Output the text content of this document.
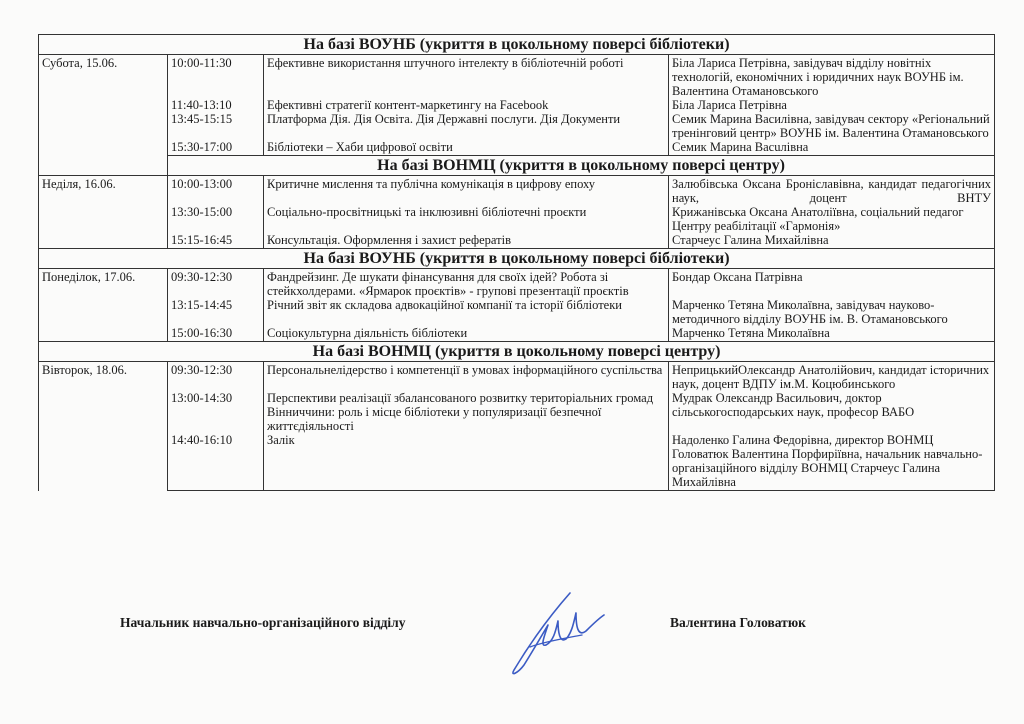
На базі ВОУНБ (укриття в цокольному поверсі бібліотеки)			
Субота, 15.06.	10:00-11:30	Ефективне використання штучного інтелекту в бібліотечній роботі	Біла Лариса Петрівна, завідувач відділу новітніх технологій, економічних і юридичних наук ВОУНБ ім. Валентина Отамановського
	11:40-13:10	Ефективні стратегії контент-маркетингу на Facebook	Біла Лариса Петрівна
	13:45-15:15	Платформа Дія. Дія Освіта. Дія Державні послуги. Дія Документи	Семик Марина Василівна, завідувач сектору «Регіональний тренінговий центр» ВОУНБ ім. Валентина Отамановського
	15:30-17:00	Бібліотеки – Хаби цифрової освіти	Семик Марина Васuлівна
	На базі ВОНМЦ (укриття в цокольному поверсі центру)		
Неділя, 16.06.	10:00-13:00	Критичне мислення та публічна комунікація в цифрову епоху	Залюбівська Оксана Броніславівна, кандидат педагогічних наук, доцент ВНТУ
	13:30-15:00	Соціально-просвітницькі та інклюзивні бібліотечні проєкти	Крижанівська Оксана Анатоліївна, соціальний педагог Центру реабілітації «Гармонія»
	15:15-16:45	Консультація. Оформлення і захист рефератів	Старчеус Галина Михайлівна
На базі ВОУНБ (укриття в цокольному поверсі бібліотеки)			
Понеділок, 17.06.	09:30-12:30	Фандрейзинг. Де шукати фінансування для своїх ідей? Робота зі стейкхолдерами. «Ярмарок проєктів» - групові презентації проєктів	Бондар Оксана Патрівна
	13:15-14:45	Річний звіт як складова адвокаційної компанії та історії бібліотеки	Марченко Тетяна Миколаївна, завідувач науково-методичного відділу ВОУНБ ім. В. Отамановського
	15:00-16:30	Соціокультурна діяльність бібліотеки	Марченко Тетяна Миколаївна
На базі ВОНМЦ (укриття в цокольному поверсі центру)			
Вівторок, 18.06.	09:30-12:30	Персональнелідерство і компетенції в умовах інформаційного суспільства	НеприцькийОлександр Анатолійович, кандидат історичних наук, доцент ВДПУ ім.М. Коцюбинського
	13:00-14:30	Перспективи реалізації збалансованого розвитку територіальних громад Вінниччини: роль і місце бібліотеки у популяризації безпечної життєдіяльності	Мудрак Олександр Васильович, доктор сільськогосподарських наук, професор ВАБО
	14:40-16:10	Залік	Надоленко Галина Федорівна, директор ВОНМЦ Головатюк Валентина Порфиріївна, начальник навчально-організаційного відділу ВОНМЦ Старчеус Галина Михайлівна
Начальник навчально-організаційного відділу	Валентина Головатюк
